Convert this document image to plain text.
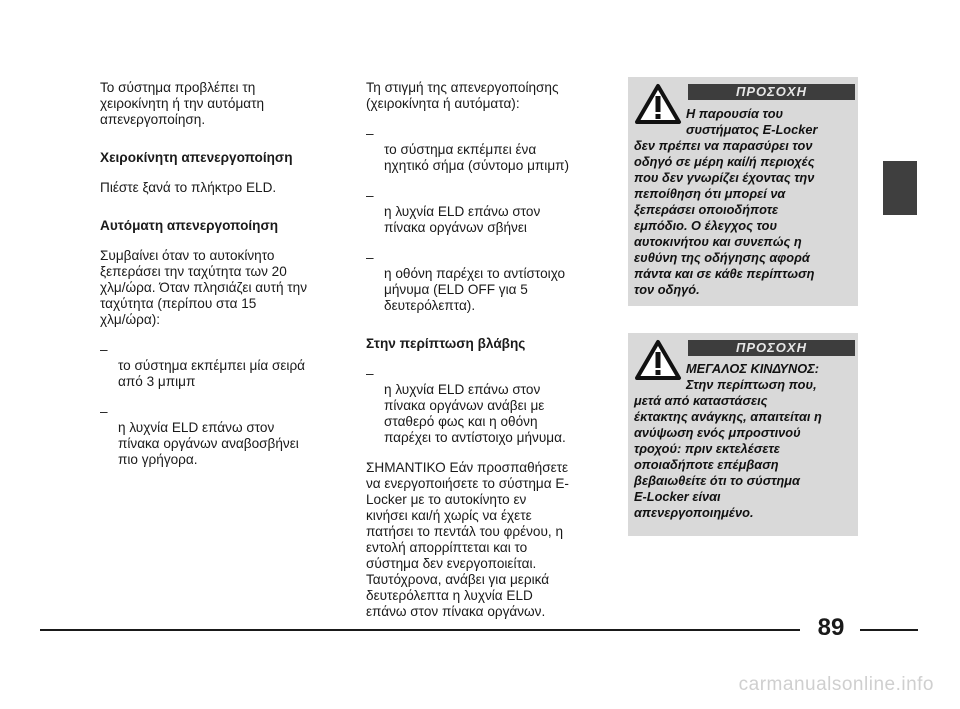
Το σύστημα προβλέπει τη
χειροκίνητη ή την αυτόματη
απενεργοποίηση.
Χειροκίνητη απενεργοποίηση
Πιέστε ξανά το πλήκτρο ELD.
Αυτόματη απενεργοποίηση
Συμβαίνει όταν το αυτοκίνητο
ξεπεράσει την ταχύτητα των 20
χλμ/ώρα. Όταν πλησιάζει αυτή την
ταχύτητα (περίπου στα 15
χλμ/ώρα):

–
το σύστημα εκπέμπει μία σειρά
από 3 μπιμπ

–
η λυχνία ELD επάνω στον
πίνακα οργάνων αναβοσβήνει
πιο γρήγορα.

Τη στιγμή της απενεργοποίησης
(χειροκίνητα ή αυτόματα):

–
το σύστημα εκπέμπει ένα
ηχητικό σήμα (σύντομο μπιμπ)

–
η λυχνία ELD επάνω στον
πίνακα οργάνων σβήνει

–
η οθόνη παρέχει το αντίστοιχο
μήνυμα (ELD OFF για 5
δευτερόλεπτα).

Στην περίπτωση βλάβης

–
η λυχνία ELD επάνω στον
πίνακα οργάνων ανάβει με
σταθερό φως και η οθόνη
παρέχει το αντίστοιχο μήνυμα.

ΣΗΜΑΝΤΙΚΟ Εάν προσπαθήσετε
να ενεργοποιήσετε το σύστημα E-
Locker με το αυτοκίνητο εν
κινήσει και/ή χωρίς να έχετε
πατήσει το πεντάλ του φρένου, η
εντολή απορρίπτεται και το
σύστημα δεν ενεργοποιείται.
Ταυτόχρονα, ανάβει για μερικά
δευτερόλεπτα η λυχνία ELD
επάνω στον πίνακα οργάνων.
ΠΡΟΣΟΧΗ
Η παρουσία του
συστήματος E-Locker
δεν πρέπει να παρασύρει τον
οδηγό σε μέρη καί/ή περιοχές
που δεν γνωρίζει έχοντας την
πεποίθηση ότι μπορεί να
ξεπεράσει οποιοδήποτε
εμπόδιο. Ο έλεγχος του
αυτοκινήτου και συνεπώς η
ευθύνη της οδήγησης αφορά
πάντα και σε κάθε περίπτωση
τον οδηγό.
ΠΡΟΣΟΧΗ
ΜΕΓΑΛΟΣ ΚΙΝΔΥΝΟΣ:
Στην περίπτωση που,
μετά από καταστάσεις
έκτακτης ανάγκης, απαιτείται η
ανύψωση ενός μπροστινού
τροχού: πριν εκτελέσετε
οποιαδήποτε επέμβαση
βεβαιωθείτε ότι το σύστημα
E-Locker είναι
απενεργοποιημένο.
89
carmanualsonline.info
